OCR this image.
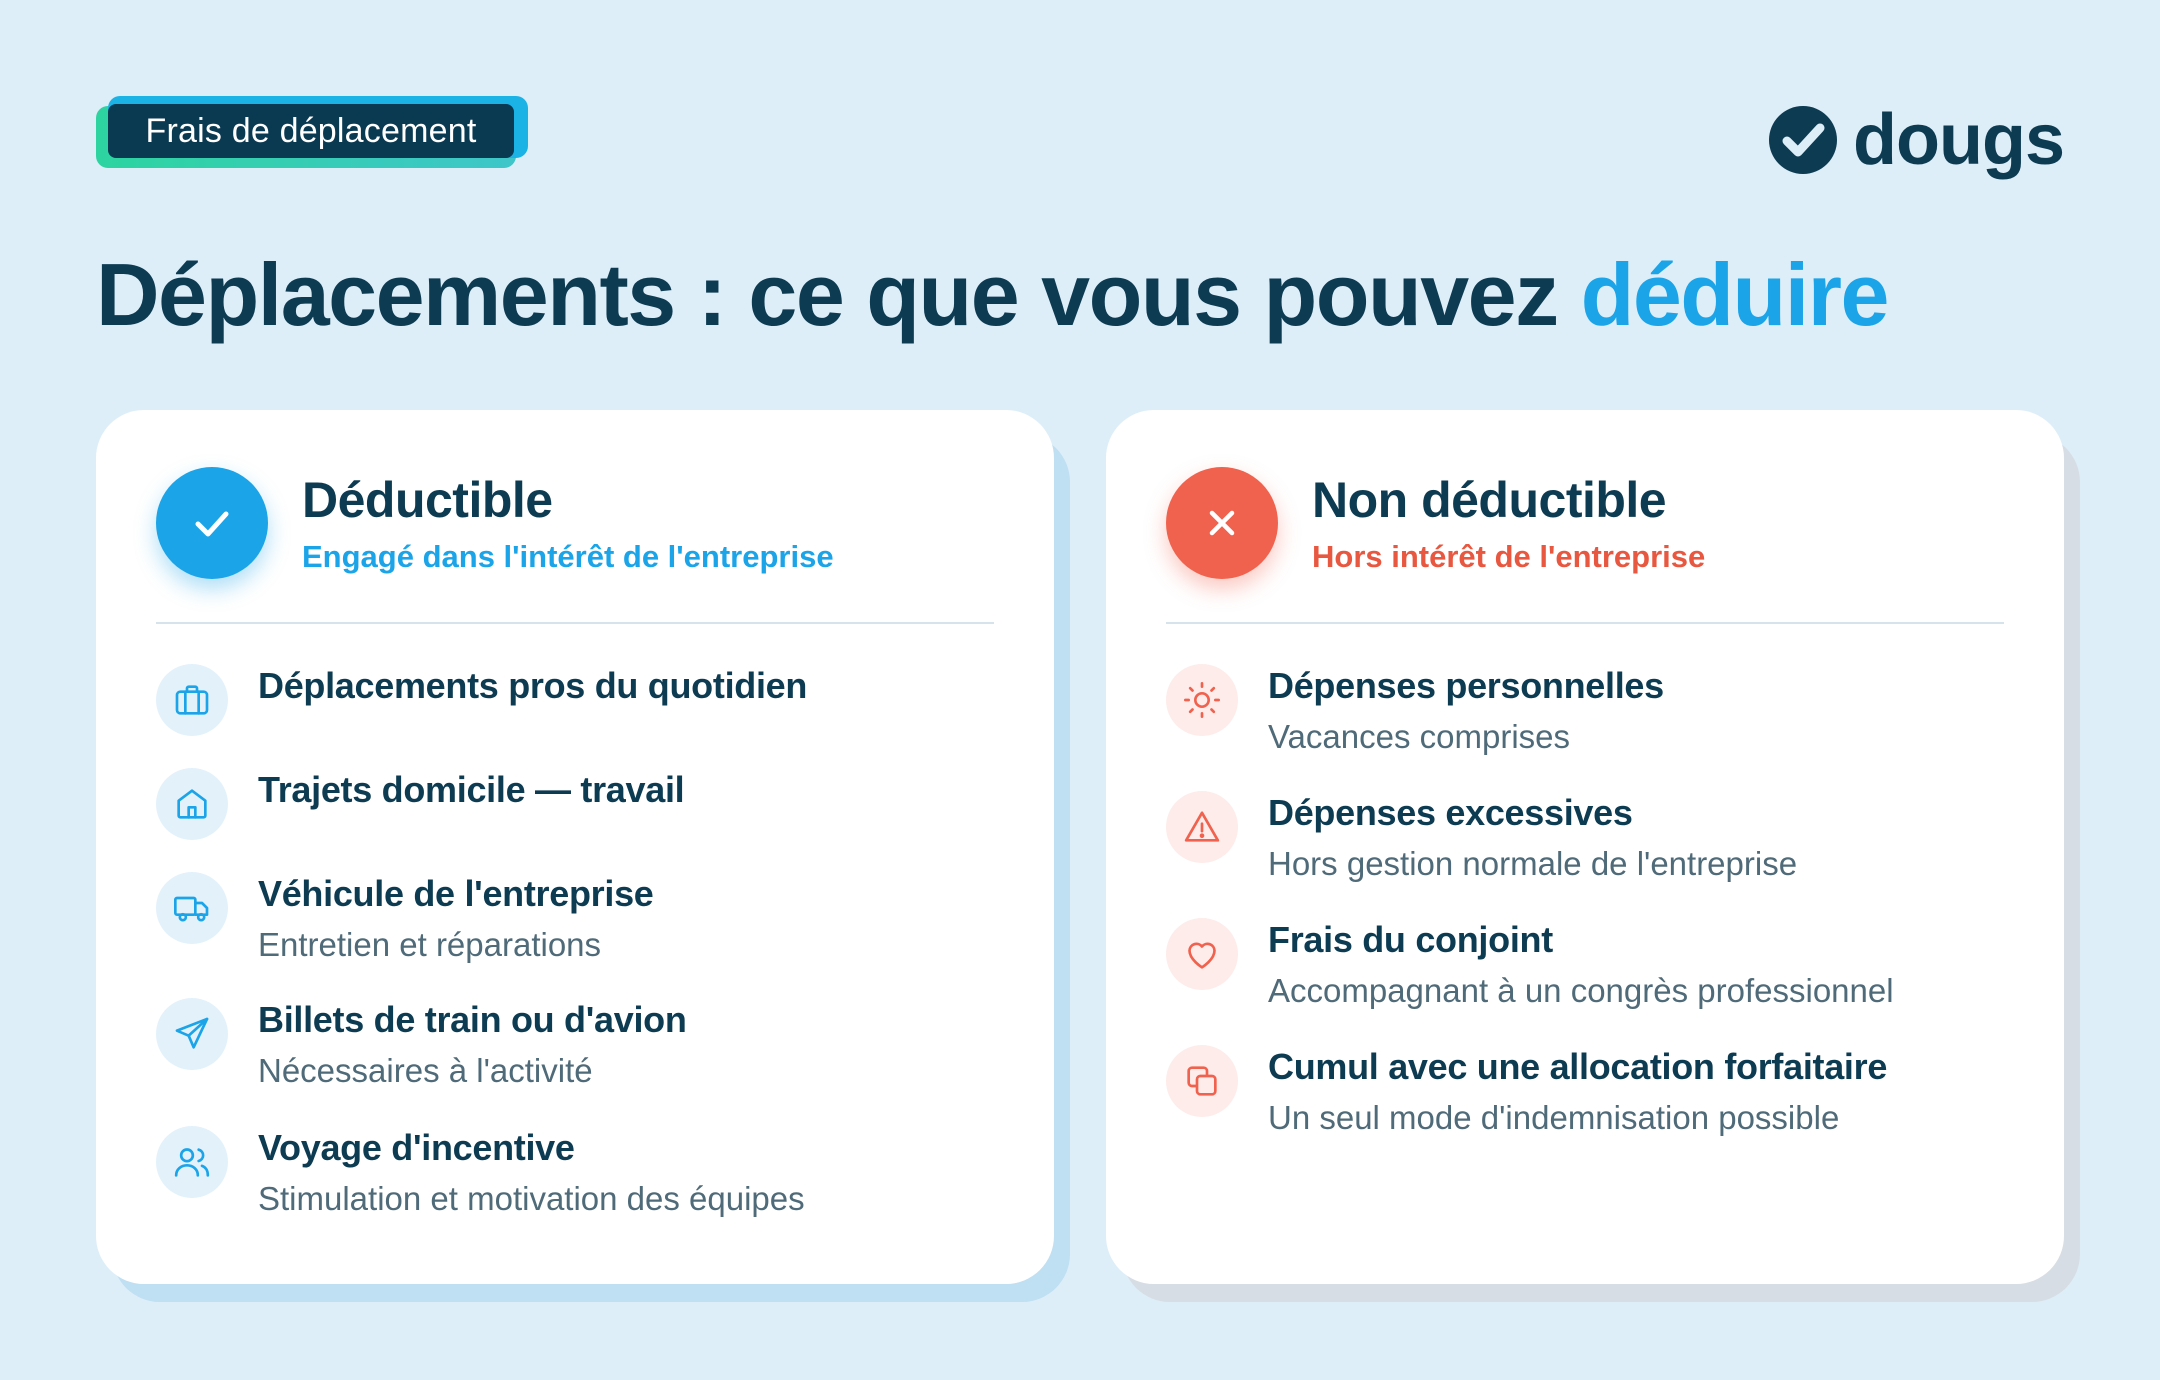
Frais de déplacement	dougs
Déplacements : ce que vous pouvez déduire
Déductible
Engagé dans l'intérêt de l'entreprise
Déplacements pros du quotidien
Trajets domicile — travail
Véhicule de l'entreprise
Entretien et réparations
Billets de train ou d'avion
Nécessaires à l'activité
Voyage d'incentive
Stimulation et motivation des équipes
Non déductible
Hors intérêt de l'entreprise
Dépenses personnelles
Vacances comprises
Dépenses excessives
Hors gestion normale de l'entreprise
Frais du conjoint
Accompagnant à un congrès professionnel
Cumul avec une allocation forfaitaire
Un seul mode d'indemnisation possible
